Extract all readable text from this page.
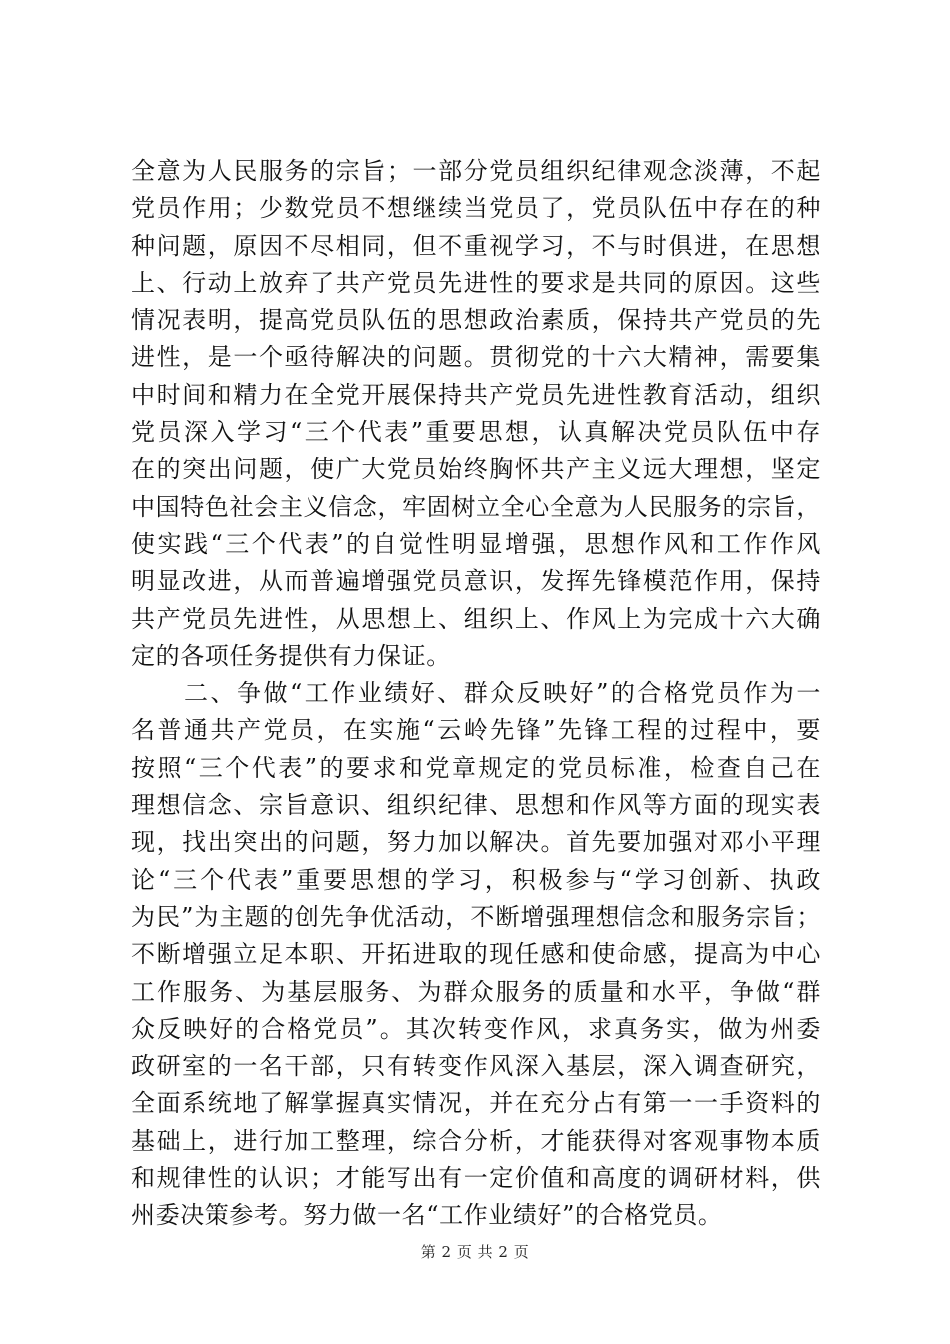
全意为人民服务的宗旨；一部分党员组织纪律观念淡薄，不起
党员作用；少数党员不想继续当党员了，党员队伍中存在的种
种问题，原因不尽相同，但不重视学习，不与时俱进，在思想
上、行动上放弃了共产党员先进性的要求是共同的原因。这些
情况表明，提高党员队伍的思想政治素质，保持共产党员的先
进性，是一个亟待解决的问题。贯彻党的十六大精神，需要集
中时间和精力在全党开展保持共产党员先进性教育活动，组织
党员深入学习“三个代表”重要思想，认真解决党员队伍中存
在的突出问题，使广大党员始终胸怀共产主义远大理想，坚定
中国特色社会主义信念，牢固树立全心全意为人民服务的宗旨，
使实践“三个代表”的自觉性明显增强，思想作风和工作作风
明显改进，从而普遍增强党员意识，发挥先锋模范作用，保持
共产党员先进性，从思想上、组织上、作风上为完成十六大确
定的各项任务提供有力保证。
　　二、争做“工作业绩好、群众反映好”的合格党员作为一
名普通共产党员，在实施“云岭先锋”先锋工程的过程中，要
按照“三个代表”的要求和党章规定的党员标准，检查自己在
理想信念、宗旨意识、组织纪律、思想和作风等方面的现实表
现，找出突出的问题，努力加以解决。首先要加强对邓小平理
论“三个代表”重要思想的学习，积极参与“学习创新、执政
为民”为主题的创先争优活动，不断增强理想信念和服务宗旨；
不断增强立足本职、开拓进取的现任感和使命感，提高为中心
工作服务、为基层服务、为群众服务的质量和水平，争做“群
众反映好的合格党员”。其次转变作风，求真务实，做为州委
政研室的一名干部，只有转变作风深入基层，深入调查研究，
全面系统地了解掌握真实情况，并在充分占有第一一手资料的
基础上，进行加工整理，综合分析，才能获得对客观事物本质
和规律性的认识；才能写出有一定价值和高度的调研材料，供
州委决策参考。努力做一名“工作业绩好”的合格党员。
第 2 页 共 2 页
